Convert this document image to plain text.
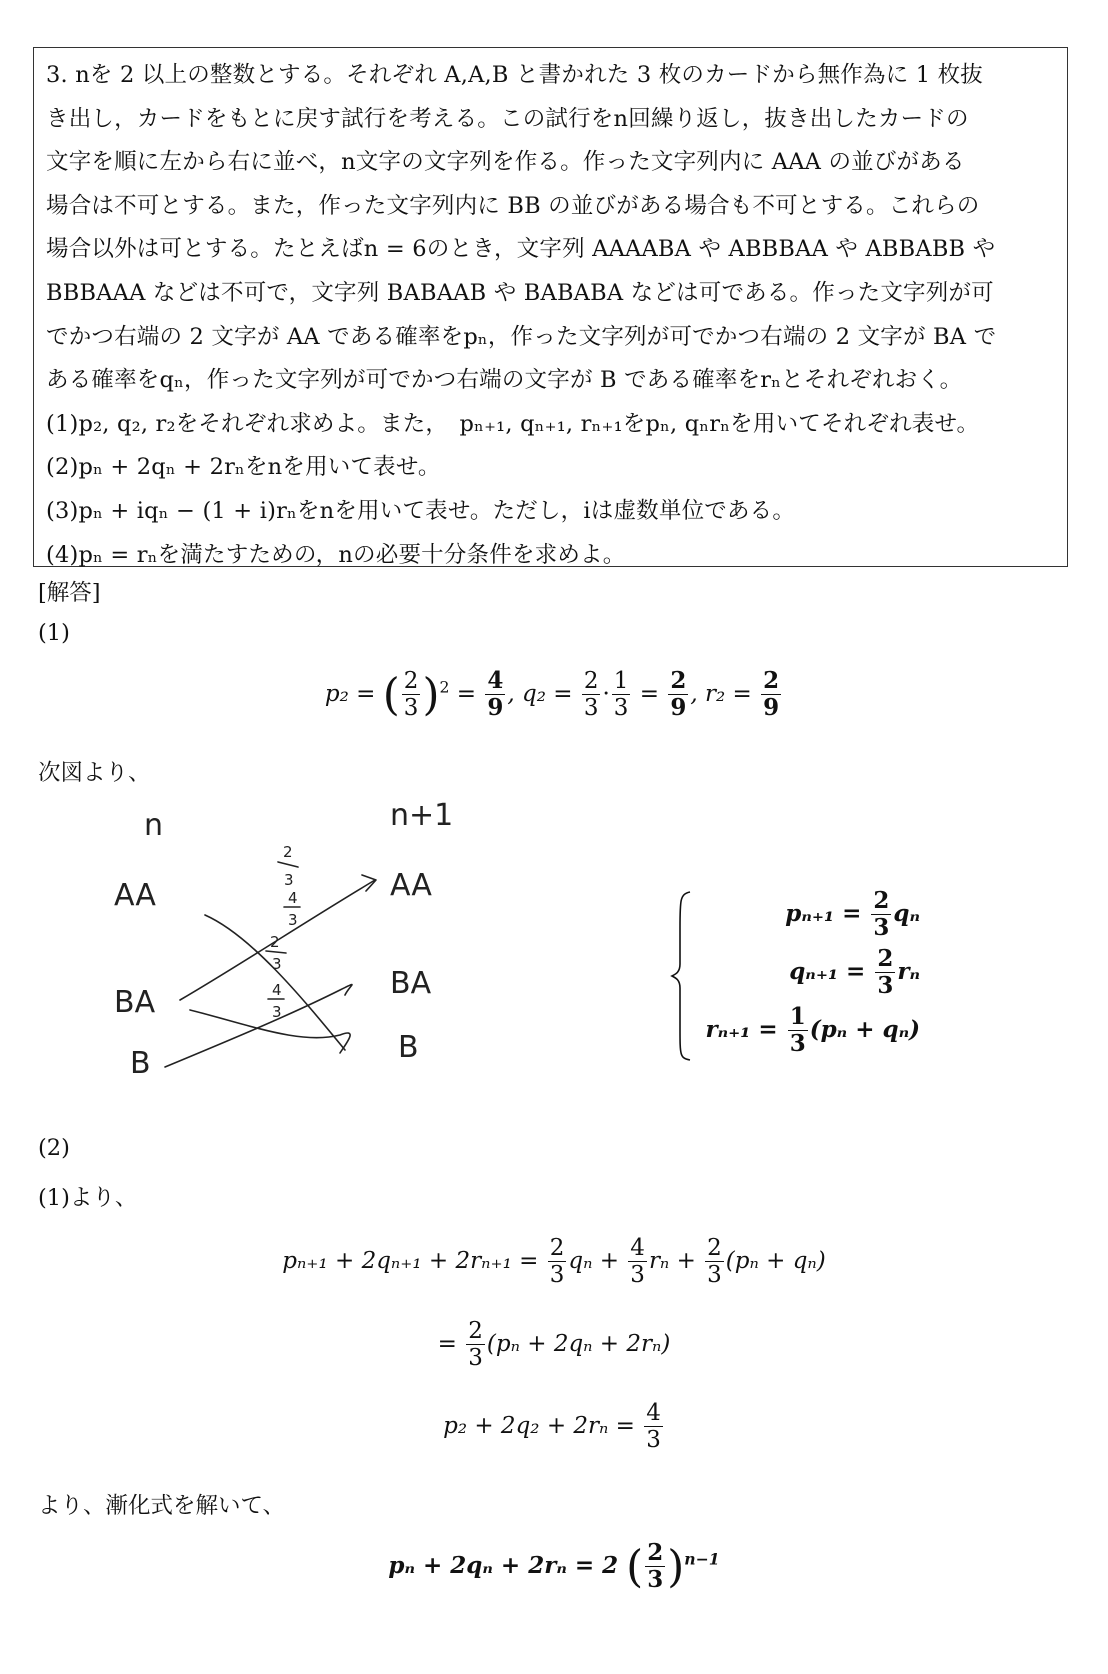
3. nを 2 以上の整数とする。それぞれ A,A,B と書かれた 3 枚のカードから無作為に 1 枚抜
き出し，カードをもとに戻す試行を考える。この試行をn回繰り返し，抜き出したカードの
文字を順に左から右に並べ，n文字の文字列を作る。作った文字列内に AAA の並びがある
場合は不可とする。また，作った文字列内に BB の並びがある場合も不可とする。これらの
場合以外は可とする。たとえばn = 6のとき，文字列 AAAABA や ABBBAA や ABBABB や
BBBAAA などは不可で，文字列 BABAAB や BABABA などは可である。作った文字列が可
でかつ右端の 2 文字が AA である確率をpₙ，作った文字列が可でかつ右端の 2 文字が BA で
ある確率をqₙ，作った文字列が可でかつ右端の文字が B である確率をrₙとそれぞれおく。
(1)p₂, q₂, r₂をそれぞれ求めよ。また，　pₙ₊₁, qₙ₊₁, rₙ₊₁をpₙ, qₙrₙを用いてそれぞれ表せ。
(2)pₙ + 2qₙ + 2rₙをnを用いて表せ。
(3)pₙ + iqₙ − (1 + i)rₙをnを用いて表せ。ただし，iは虚数単位である。
(4)pₙ = rₙを満たすための，nの必要十分条件を求めよ。
[解答]
(1)
p₂ = ( $\frac{2}{3} )^2 = \frac{4}{9}$ , $q_2 = \frac{2}{3} \cdot \frac{1}{3} = \frac{2}{9}$ , $r_2 = \frac{2}{9}$
次図より、
n	n+1
AA
BA
B
AA
BA
B
2
3
4
3
2
3
4
3
$p_{n+1} = \frac{2}{3}$ qₙ
$q_{n+1} = \frac{2}{3}$ rₙ
$r_{n+1} = \frac{1}{3} (p_n + q_n)$
(2)
(1)より、
$p_{n+1} + 2q_{n+1} + 2r_{n+1} = \frac{2}{3}$ $q_n + \frac{4}{3}$ $r_n + \frac{2}{3} (p_n + q_n)$
= $\frac{2}{3} (p_n + 2q_n + 2r_n)$
$p_2 + 2q_2 + 2r_n = \frac{4}{3}$
より、漸化式を解いて、
pₙ + 2qₙ + 2rₙ = 2 ( $\frac{2}{3} )^{n-1}$
